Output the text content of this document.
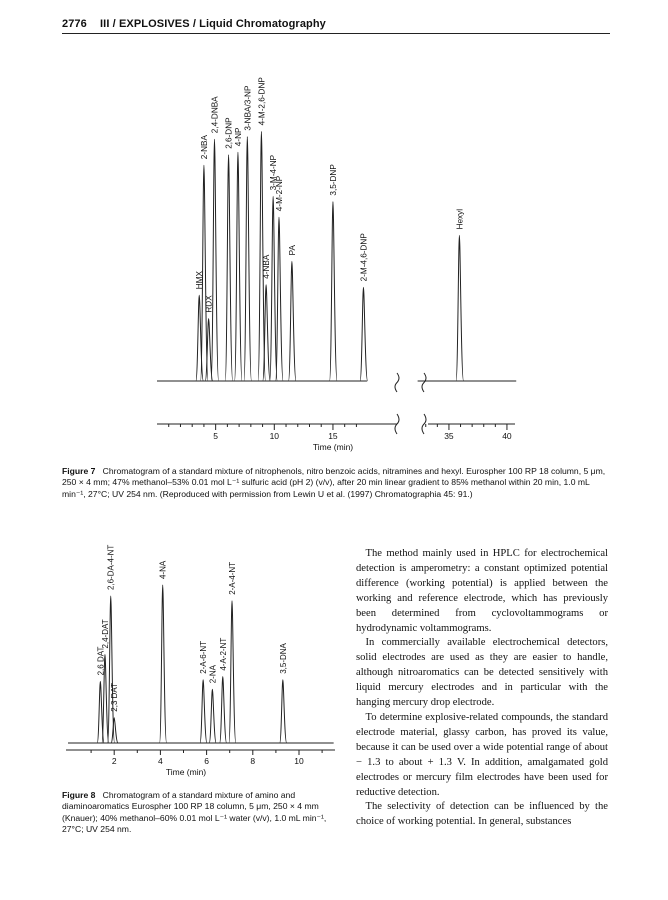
2776 III / EXPLOSIVES / Liquid Chromatography
HMX
2-NBA
RDX
2,4-DNBA 2,6-DNP 4-NP
3-NBA/3-NP 4-M-2,6-DNP
4-NBA
3-M-4-NP
4-M-2-NP
PA
3,5-DNP
2-M-4,6-DNP
Hexyl
5	10	15	35	40
Time (min)
Figure 7 Chromatogram of a standard mixture of nitrophenols, nitro benzoic acids, nitramines and hexyl. Eurospher 100 RP 18 column, 5 μm, 250 × 4 mm; 47% methanol–53% 0.01 mol L⁻¹ sulfuric acid (pH 2) (v/v), after 20 min linear gradient to 85% methanol within 20 min, 1.0 mL min⁻¹, 27°C; UV 254 nm. (Reproduced with permission from Lewin U et al. (1997) Chromatographia 45: 91.)
2,6 DAT
2,4-DAT
2,6-DA-4-NT
2,3 DAT
4-NA
2-A-6-NT
2-NA
4-A-2-NT
2-A-4-NT
3,5-DNA
2	4	6	8	10
Time (min)
Figure 8 Chromatogram of a standard mixture of amino and diaminoaromatics Eurospher 100 RP 18 column, 5 μm, 250 × 4 mm (Knauer); 40% methanol–60% 0.01 mol L⁻¹ water (v/v), 1.0 mL min⁻¹, 27°C; UV 254 nm.

The method mainly used in HPLC for electrochemical detection is amperometry: a constant optimized potential difference (working potential) is applied between the working and reference electrode, which has previously been determined from cyclovoltammograms or hydrodynamic voltammograms.

In commercially available electrochemical detectors, solid electrodes are used as they are easier to handle, although nitroaromatics can be detected sensitively with liquid mercury electrodes and in particular with the hanging mercury drop electrode.

To determine explosive-related compounds, the standard electrode material, glassy carbon, has proved its value, because it can be used over a wide potential range of about − 1.3 to about + 1.3 V. In addition, amalgamated gold electrodes or mercury film electrodes have been used for reductive detection.

The selectivity of detection can be influenced by the choice of working potential. In general, substances
